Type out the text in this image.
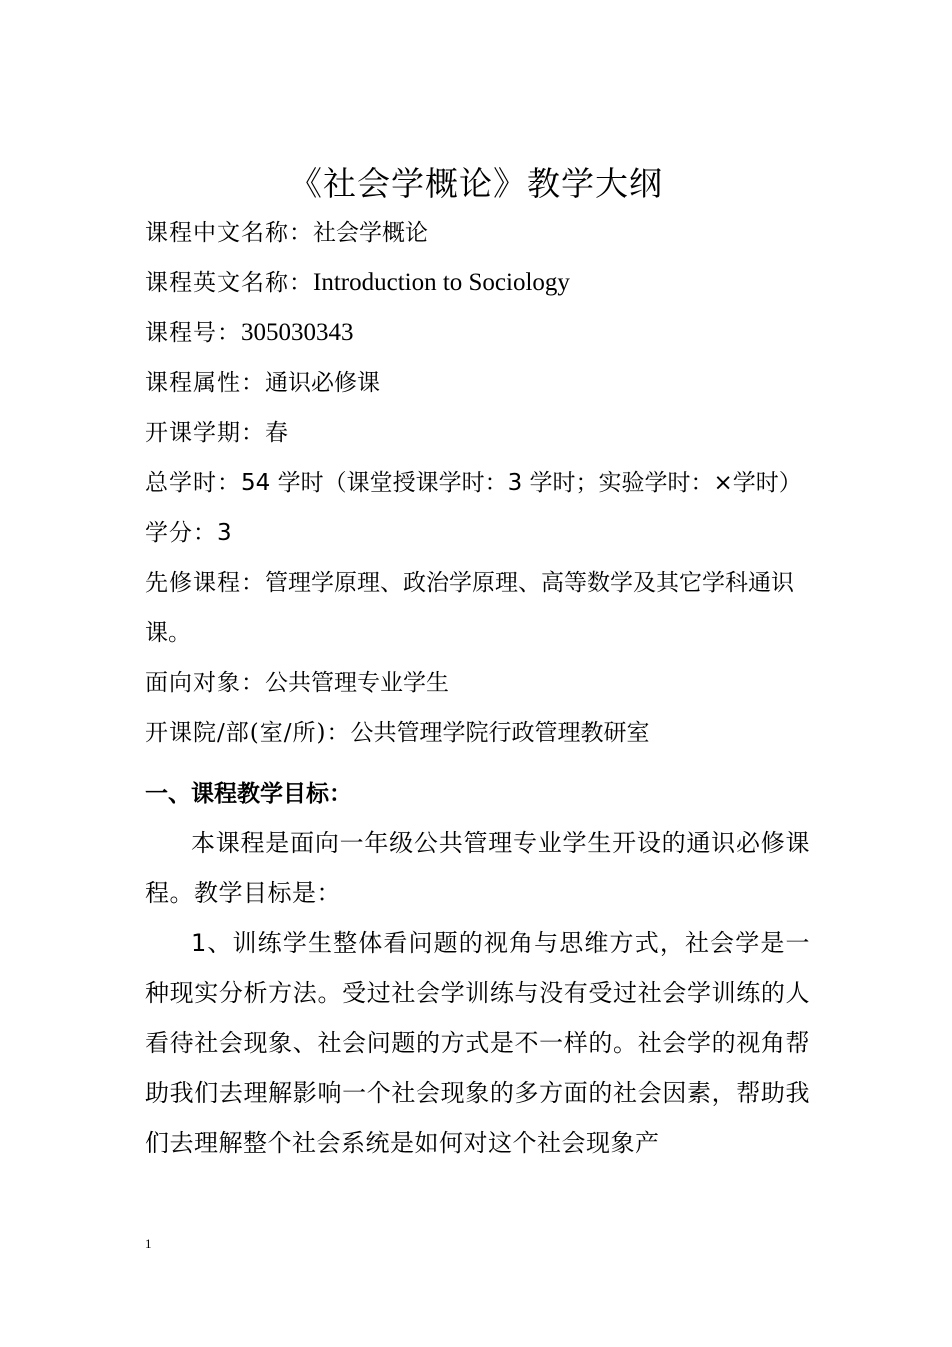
《社会学概论》教学大纲

课程中文名称：社会学概论

课程英文名称：Introduction to Sociology

课程号：305030343

课程属性：通识必修课

开课学期：春

总学时：54 学时（课堂授课学时：3 学时；实验学时：×学时）

学分：3

先修课程：管理学原理、政治学原理、高等数学及其它学科通识课。

面向对象：公共管理专业学生

开课院/部(室/所)：公共管理学院行政管理教研室

一、课程教学目标：

本课程是面向一年级公共管理专业学生开设的通识必修课程。教学目标是：

1、训练学生整体看问题的视角与思维方式，社会学是一种现实分析方法。受过社会学训练与没有受过社会学训练的人看待社会现象、社会问题的方式是不一样的。社会学的视角帮助我们去理解影响一个社会现象的多方面的社会因素，帮助我们去理解整个社会系统是如何对这个社会现象产

1
